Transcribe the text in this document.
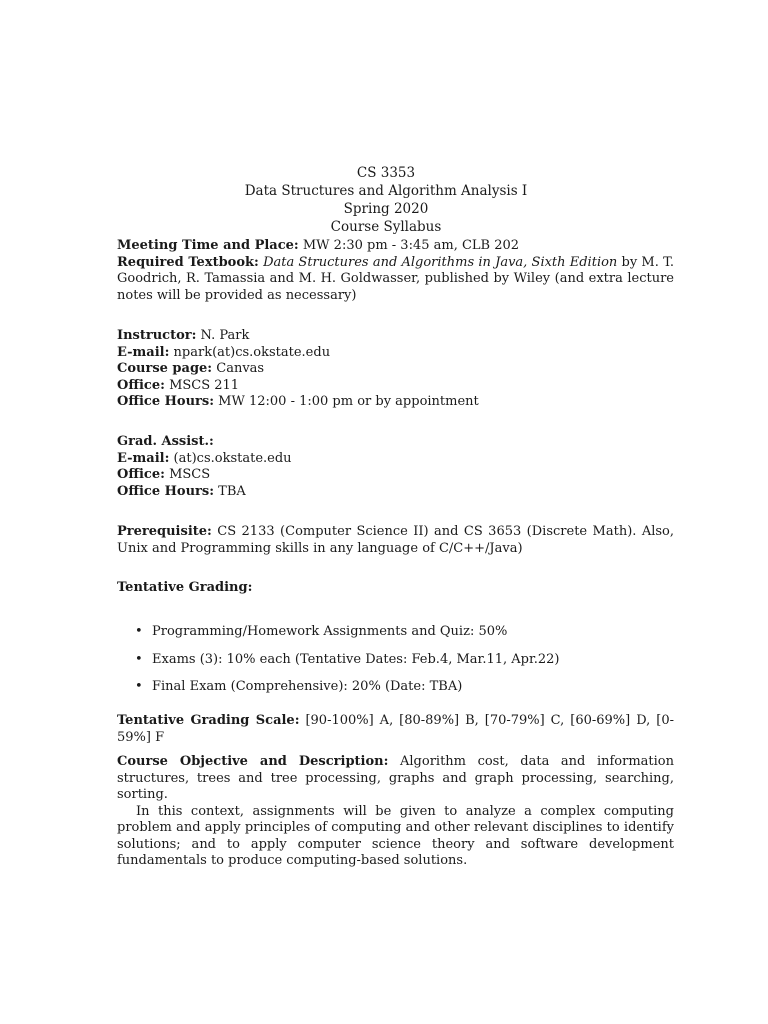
CS 3353
Data Structures and Algorithm Analysis I
Spring 2020
Course Syllabus

Meeting Time and Place: MW 2:30 pm - 3:45 am, CLB 202

Required Textbook: Data Structures and Algorithms in Java, Sixth Edition by M. T. Goodrich, R. Tamassia and M. H. Goldwasser, published by Wiley (and extra lecture notes will be provided as necessary)

Instructor: N. Park
E-mail: npark(at)cs.okstate.edu
Course page: Canvas
Office: MSCS 211
Office Hours: MW 12:00 - 1:00 pm or by appointment
Grad. Assist.:
E-mail: (at)cs.okstate.edu
Office: MSCS
Office Hours: TBA

Prerequisite: CS 2133 (Computer Science II) and CS 3653 (Discrete Math). Also, Unix and Programming skills in any language of C/C++/Java)

Tentative Grading:
• Programming/Homework Assignments and Quiz: 50%
• Exams (3): 10% each (Tentative Dates: Feb.4, Mar.11, Apr.22)
• Final Exam (Comprehensive): 20% (Date: TBA)

Tentative Grading Scale: [90-100%] A, [80-89%] B, [70-79%] C, [60-69%] D, [0-59%] F

Course Objective and Description: Algorithm cost, data and information structures, trees and tree processing, graphs and graph processing, searching, sorting.

In this context, assignments will be given to analyze a complex computing problem and apply principles of computing and other relevant disciplines to identify solutions; and to apply computer science theory and software development fundamentals to produce computing-based solutions.
